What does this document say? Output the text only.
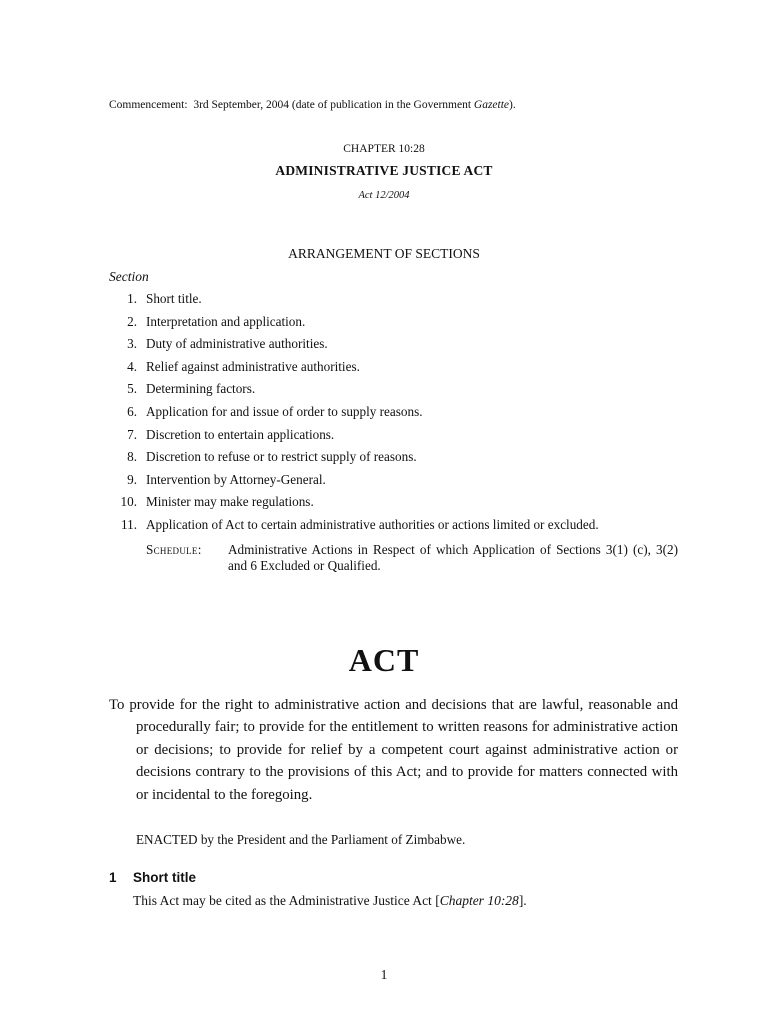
Commencement: 3rd September, 2004 (date of publication in the Government Gazette).
CHAPTER 10:28
ADMINISTRATIVE JUSTICE ACT
Act 12/2004
ARRANGEMENT OF SECTIONS
Section
1. Short title.
2. Interpretation and application.
3. Duty of administrative authorities.
4. Relief against administrative authorities.
5. Determining factors.
6. Application for and issue of order to supply reasons.
7. Discretion to entertain applications.
8. Discretion to refuse or to restrict supply of reasons.
9. Intervention by Attorney-General.
10. Minister may make regulations.
11. Application of Act to certain administrative authorities or actions limited or excluded.
Schedule: Administrative Actions in Respect of which Application of Sections 3(1) (c), 3(2) and 6 Excluded or Qualified.
ACT
To provide for the right to administrative action and decisions that are lawful, reasonable and procedurally fair; to provide for the entitlement to written reasons for administrative action or decisions; to provide for relief by a competent court against administrative action or decisions contrary to the provisions of this Act; and to provide for matters connected with or incidental to the foregoing.
ENACTED by the President and the Parliament of Zimbabwe.
1 Short title
This Act may be cited as the Administrative Justice Act [Chapter 10:28].
1
